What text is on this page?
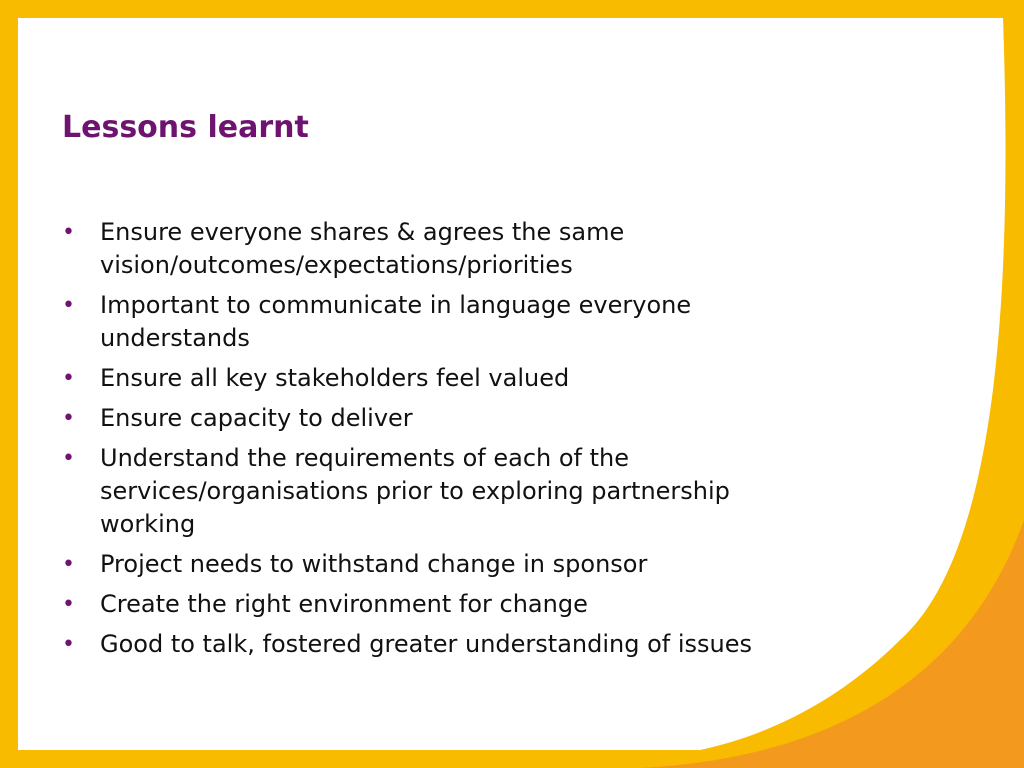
Lessons learnt
• Ensure everyone shares & agrees the same vision/outcomes/expectations/priorities
• Important to communicate in language everyone understands
• Ensure all key stakeholders feel valued
• Ensure capacity to deliver
• Understand the requirements of each of the services/organisations prior to exploring partnership working
• Project needs to withstand change in sponsor
• Create the right environment for change
• Good to talk, fostered greater understanding of issues
